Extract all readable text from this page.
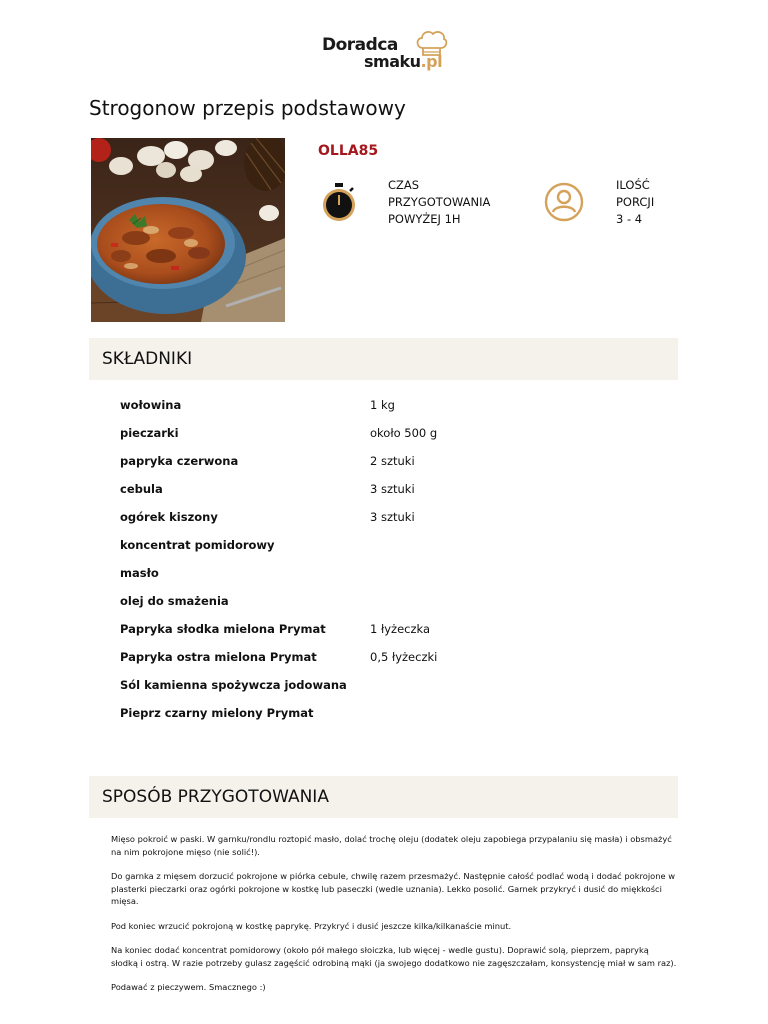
Doradca
smaku.pl
Strogonow przepis podstawowy
OLLA85
CZAS
PRZYGOTOWANIA
POWYŻEJ 1H
ILOŚĆ
PORCJI
3 - 4
SKŁADNIKI
wołowina	1 kg
pieczarki	około 500 g
papryka czerwona	2 sztuki
cebula	3 sztuki
ogórek kiszony	3 sztuki
koncentrat pomidorowy
masło
olej do smażenia
Papryka słodka mielona Prymat	1 łyżeczka
Papryka ostra mielona Prymat	0,5 łyżeczki
Sól kamienna spożywcza jodowana
Pieprz czarny mielony Prymat
SPOSÓB PRZYGOTOWANIA

Mięso pokroić w paski. W garnku/rondlu roztopić masło, dolać trochę oleju (dodatek oleju zapobiega przypalaniu się masła) i obsmażyć na nim pokrojone mięso (nie solić!).

Do garnka z mięsem dorzucić pokrojone w piórka cebule, chwilę razem przesmażyć. Następnie całość podlać wodą i dodać pokrojone w plasterki pieczarki oraz ogórki pokrojone w kostkę lub paseczki (wedle uznania). Lekko posolić. Garnek przykryć i dusić do miękkości mięsa.

Pod koniec wrzucić pokrojoną w kostkę paprykę. Przykryć i dusić jeszcze kilka/kilkanaście minut.

Na koniec dodać koncentrat pomidorowy (około pół małego słoiczka, lub więcej - wedle gustu). Doprawić solą, pieprzem, papryką słodką i ostrą. W razie potrzeby gulasz zagęścić odrobiną mąki (ja swojego dodatkowo nie zagęszczałam, konsystencję miał w sam raz).

Podawać z pieczywem. Smacznego :)
